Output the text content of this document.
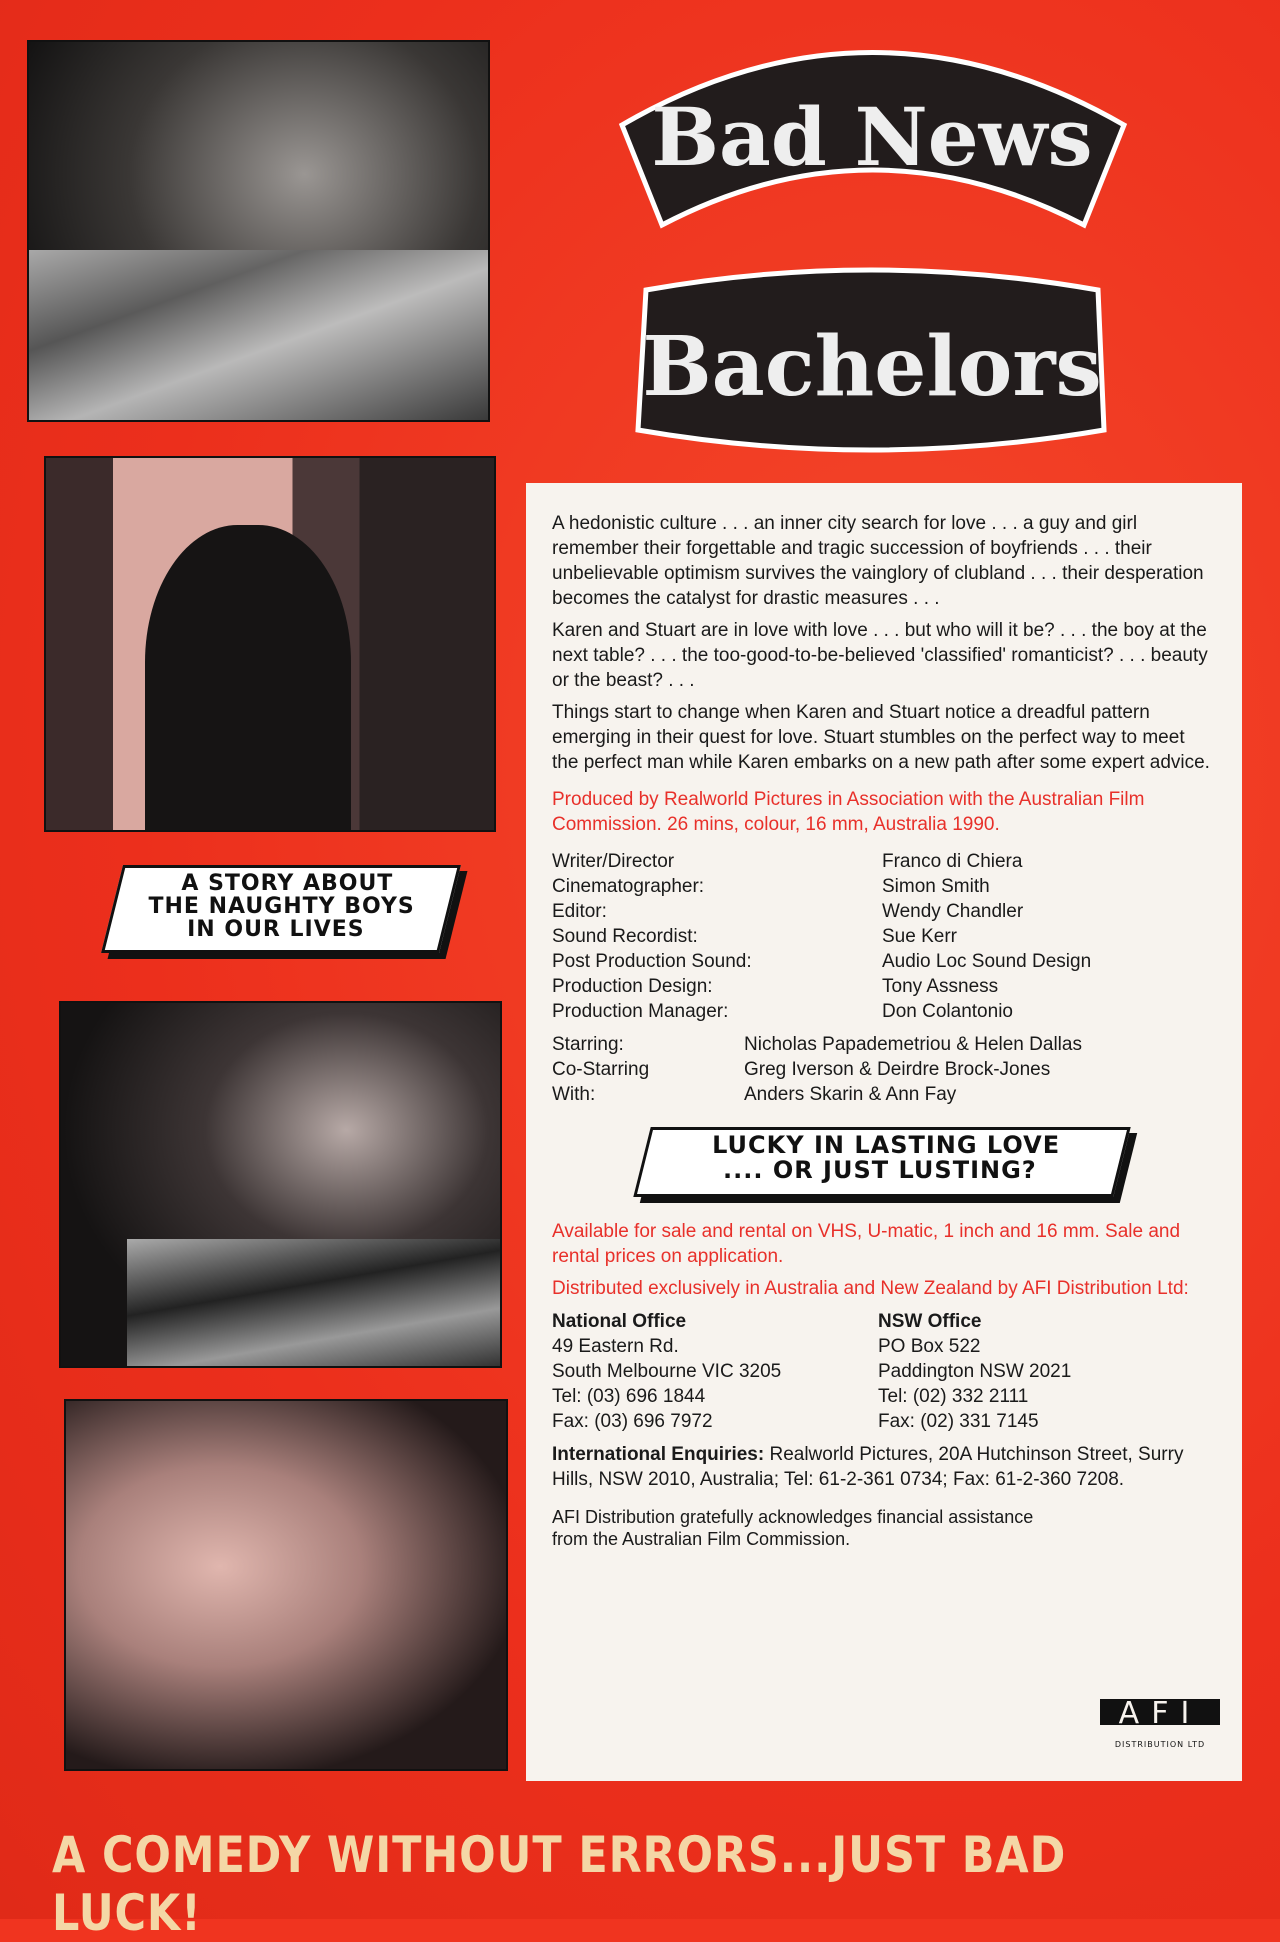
A STORY ABOUT
THE NAUGHTY BOYS
IN OUR LIVES
Bad News
Bachelors

A hedonistic culture . . . an inner city search for love . . . a guy and girl remember their forgettable and tragic succession of boyfriends . . . their unbelievable optimism survives the vainglory of clubland . . . their desperation becomes the catalyst for drastic measures . . .

Karen and Stuart are in love with love . . . but who will it be? . . . the boy at the next table? . . . the too-good-to-be-believed 'classified' romanticist? . . . beauty or the beast? . . .

Things start to change when Karen and Stuart notice a dreadful pattern emerging in their quest for love. Stuart stumbles on the perfect way to meet the perfect man while Karen embarks on a new path after some expert advice.

Produced by Realworld Pictures in Association with the Australian Film Commission. 26 mins, colour, 16 mm, Australia 1990.

Writer/Director	Franco di Chiera
Cinematographer:	Simon Smith
Editor:	Wendy Chandler
Sound Recordist:	Sue Kerr
Post Production Sound:	Audio Loc Sound Design
Production Design:	Tony Assness
Production Manager:	Don Colantonio
Starring:	Nicholas Papademetriou & Helen Dallas
Co-Starring	Greg Iverson & Deirdre Brock-Jones
With:	Anders Skarin & Ann Fay
LUCKY IN LASTING LOVE
.... OR JUST LUSTING?

Available for sale and rental on VHS, U-matic, 1 inch and 16 mm. Sale and rental prices on application.

Distributed exclusively in Australia and New Zealand by AFI Distribution Ltd:

National Office
49 Eastern Rd.
South Melbourne VIC 3205
Tel: (03) 696 1844
Fax: (03) 696 7972
NSW Office
PO Box 522
Paddington NSW 2021
Tel: (02) 332 2111
Fax: (02) 331 7145

International Enquiries: Realworld Pictures, 20A Hutchinson Street, Surry Hills, NSW 2010, Australia; Tel: 61-2-361 0734; Fax: 61-2-360 7208.

AFI Distribution gratefully acknowledges financial assistance from the Australian Film Commission.

AFI
DISTRIBUTION LTD
A COMEDY WITHOUT ERRORS...JUST BAD LUCK!
